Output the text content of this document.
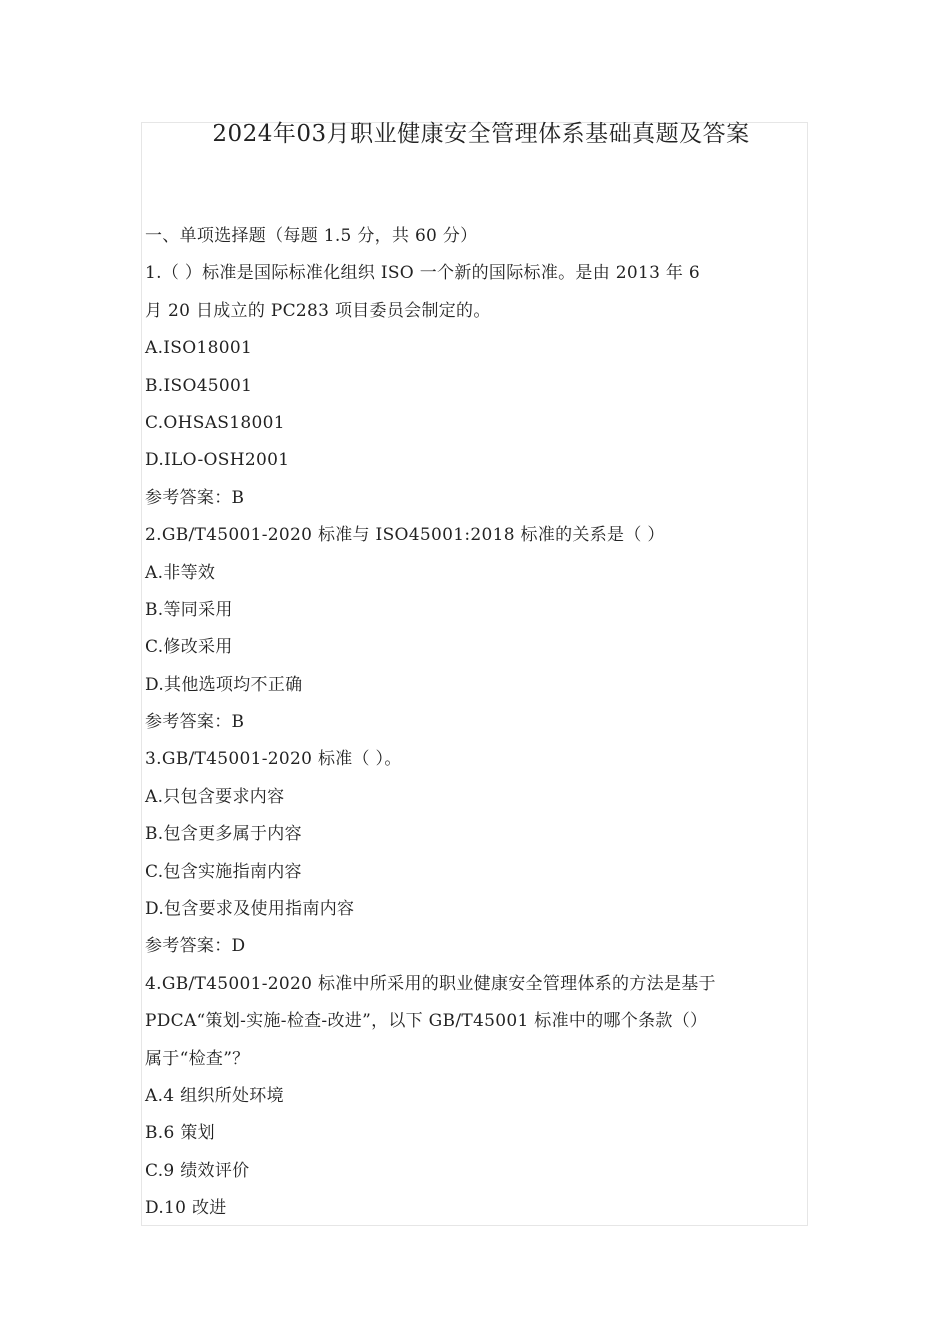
2024年03月职业健康安全管理体系基础真题及答案
一、单项选择题（每题 1.5 分，共 60 分）
1.（ ）标准是国际标准化组织 ISO 一个新的国际标准。是由 2013 年 6
月 20 日成立的 PC283 项目委员会制定的。
A.ISO18001
B.ISO45001
C.OHSAS18001
D.ILO-OSH2001
参考答案：B
2.GB/T45001-2020 标准与 ISO45001:2018 标准的关系是（ ）
A.非等效
B.等同采用
C.修改采用
D.其他选项均不正确
参考答案：B
3.GB/T45001-2020 标准（ ）。
A.只包含要求内容
B.包含更多属于内容
C.包含实施指南内容
D.包含要求及使用指南内容
参考答案：D
4.GB/T45001-2020 标准中所采用的职业健康安全管理体系的方法是基于
PDCA“策划-实施-检查-改进”，以下 GB/T45001 标准中的哪个条款（）
属于“检查”？
A.4 组织所处环境
B.6 策划
C.9 绩效评价
D.10 改进
